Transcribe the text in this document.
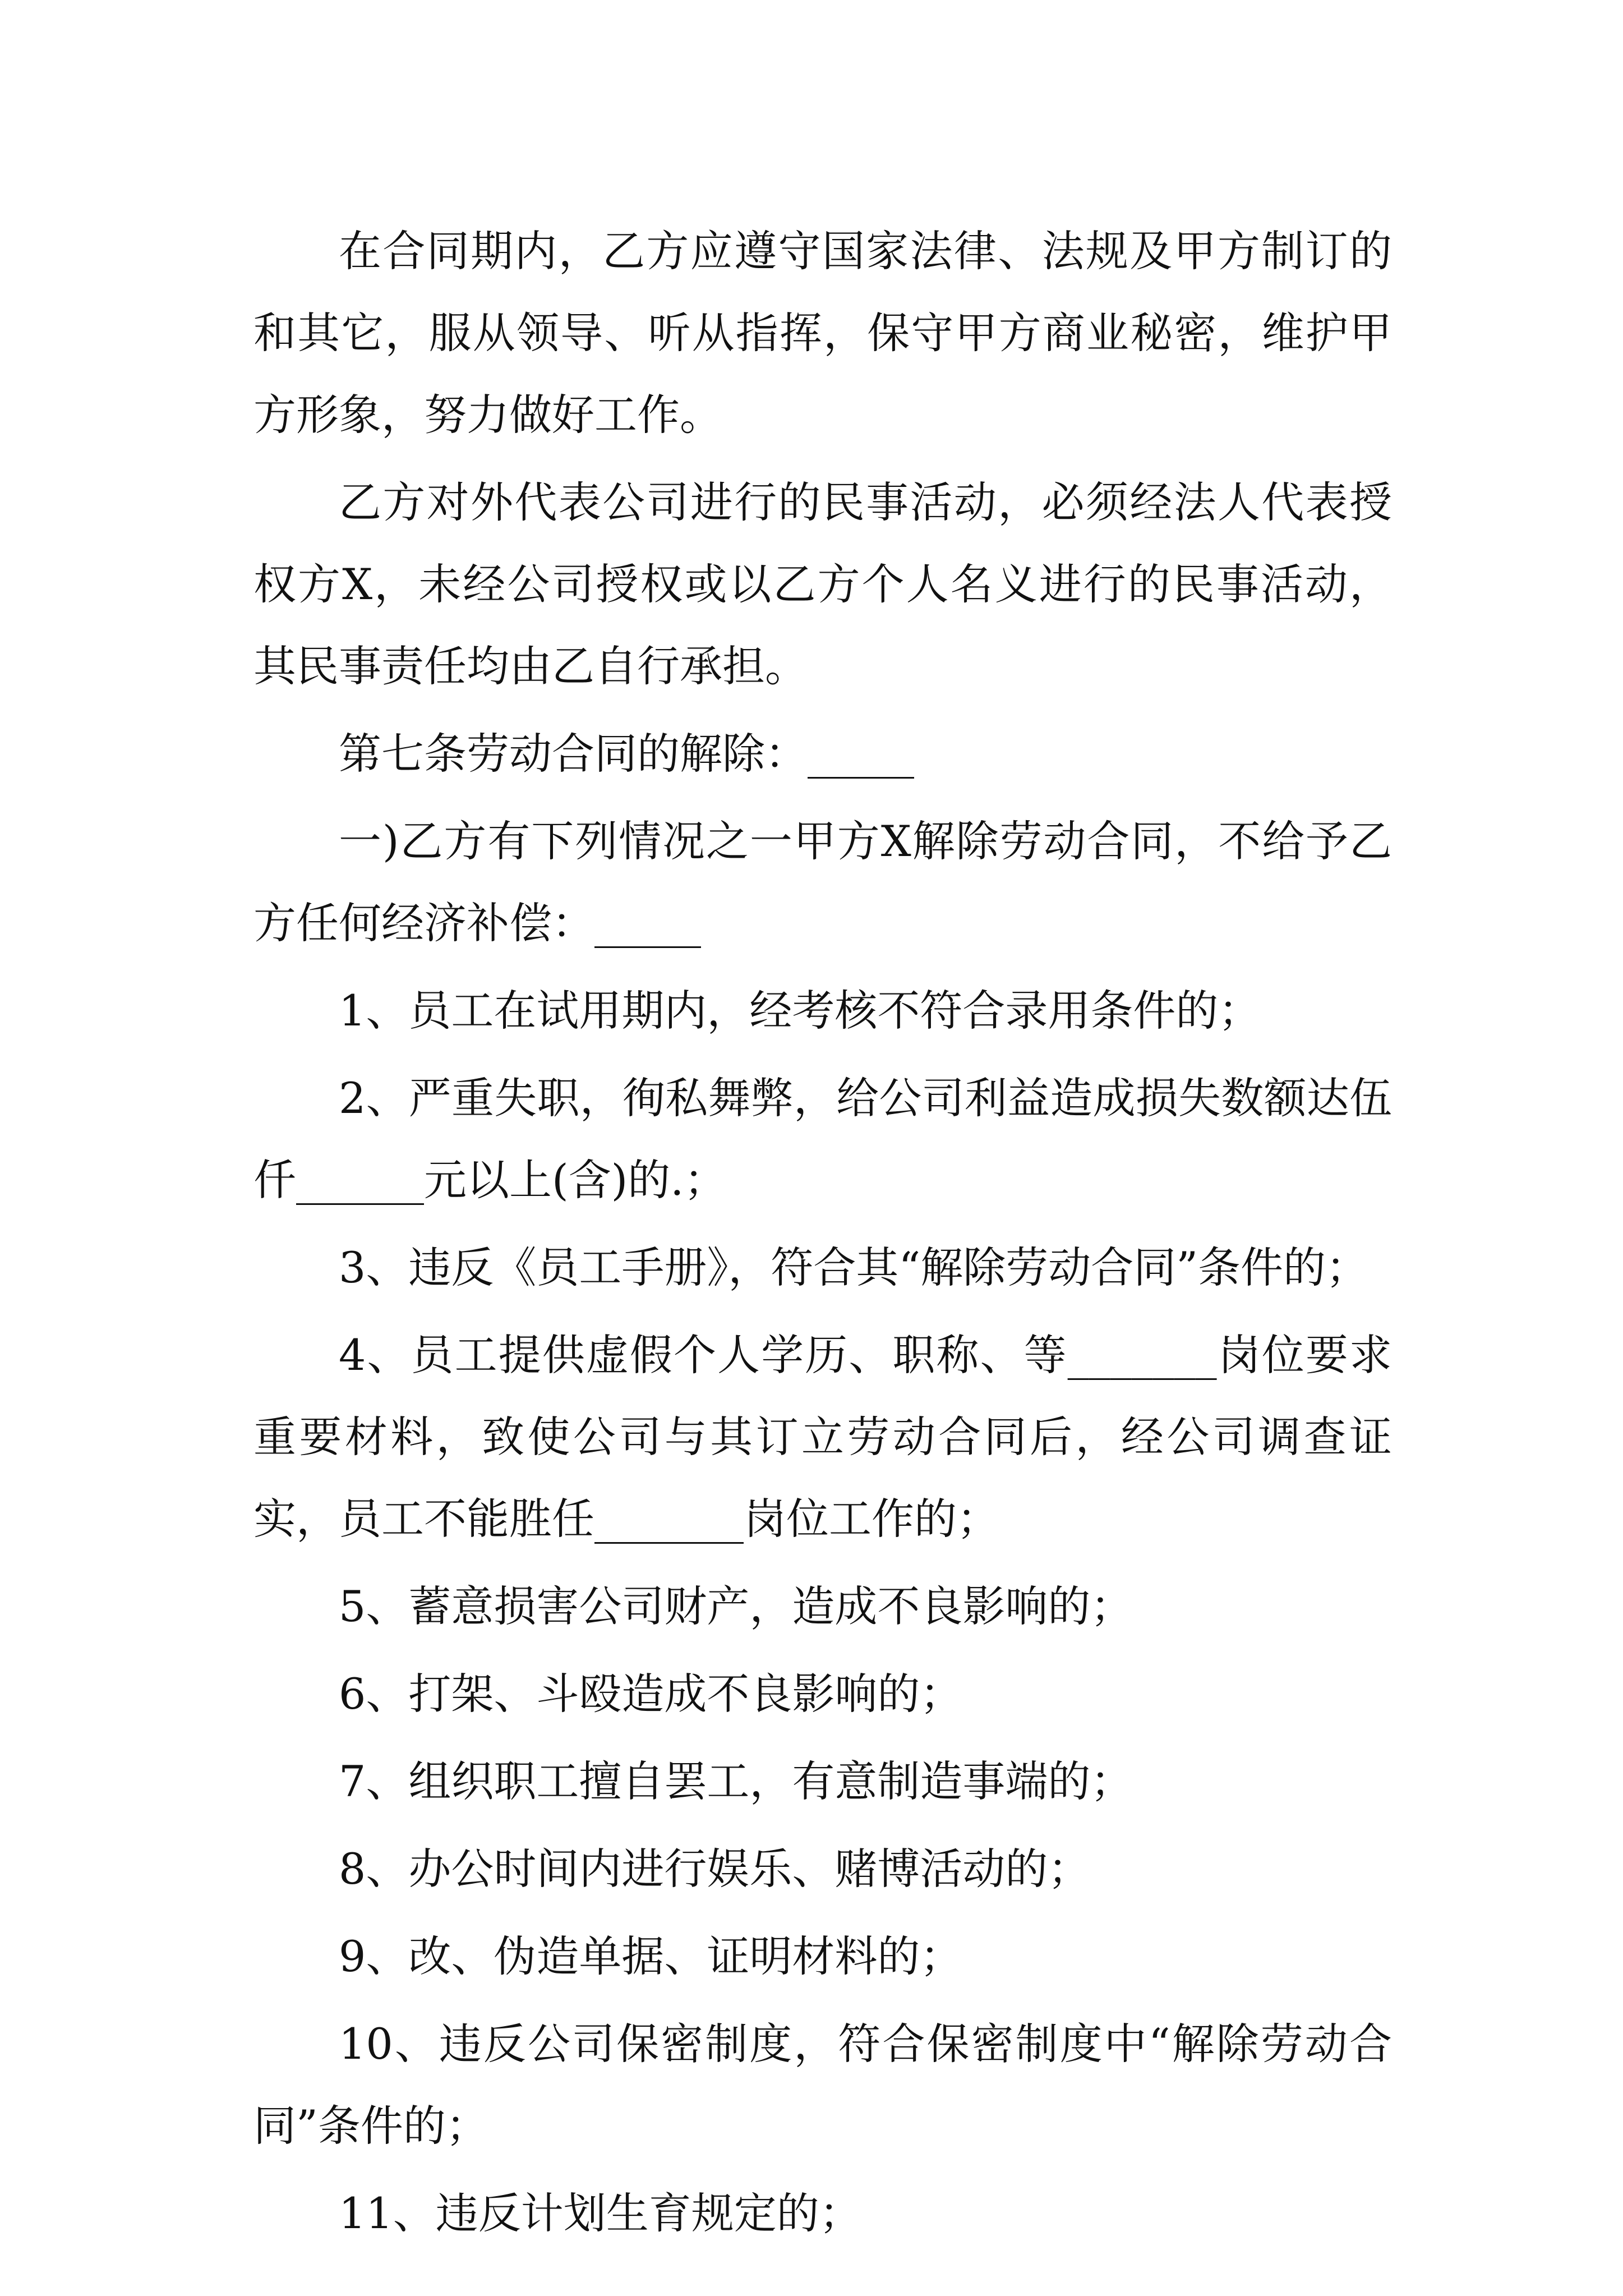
在合同期内，乙方应遵守国家法律、法规及甲方制订的和其它，服从领导、听从指挥，保守甲方商业秘密，维护甲方形象，努力做好工作。

乙方对外代表公司进行的民事活动，必须经法人代表授权方X，未经公司授权或以乙方个人名义进行的民事活动，其民事责任均由乙自行承担。

第七条劳动合同的解除：_____

一)乙方有下列情况之一甲方X解除劳动合同，不给予乙方任何经济补偿：_____

1、员工在试用期内，经考核不符合录用条件的；

2、严重失职，徇私舞弊，给公司利益造成损失数额达伍仟______元以上(含)的.；

3、违反《员工手册》，符合其“解除劳动合同”条件的；

4、员工提供虚假个人学历、职称、等_______岗位要求重要材料，致使公司与其订立劳动合同后，经公司调查证实，员工不能胜任_______岗位工作的；

5、蓄意损害公司财产，造成不良影响的；

6、打架、斗殴造成不良影响的；

7、组织职工擅自罢工，有意制造事端的；

8、办公时间内进行娱乐、赌博活动的；

9、改、伪造单据、证明材料的；

10、违反公司保密制度，符合保密制度中“解除劳动合同”条件的；

11、违反计划生育规定的；
